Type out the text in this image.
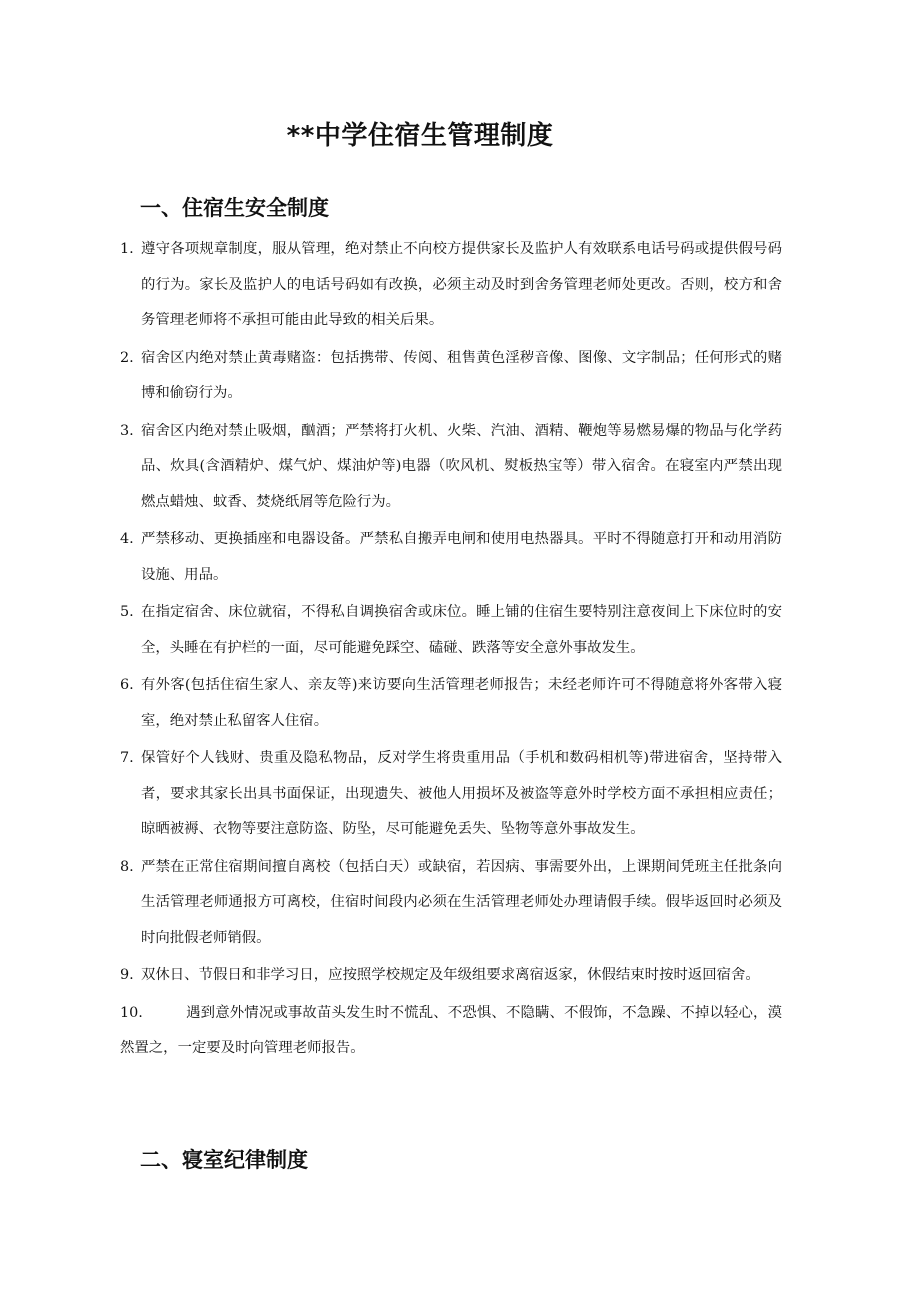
**中学住宿生管理制度
一、住宿生安全制度
1. 遵守各项规章制度，服从管理，绝对禁止不向校方提供家长及监护人有效联系电话号码或提供假号码的行为。家长及监护人的电话号码如有改换，必须主动及时到舍务管理老师处更改。否则，校方和舍务管理老师将不承担可能由此导致的相关后果。
2. 宿舍区内绝对禁止黄毒赌盗：包括携带、传阅、租售黄色淫秽音像、图像、文字制品；任何形式的赌博和偷窃行为。
3. 宿舍区内绝对禁止吸烟，酗酒；严禁将打火机、火柴、汽油、酒精、鞭炮等易燃易爆的物品与化学药品、炊具(含酒精炉、煤气炉、煤油炉等)电器（吹风机、熨板热宝等）带入宿舍。在寝室内严禁出现燃点蜡烛、蚊香、焚烧纸屑等危险行为。
4. 严禁移动、更换插座和电器设备。严禁私自搬弄电闸和使用电热器具。平时不得随意打开和动用消防设施、用品。
5. 在指定宿舍、床位就宿，不得私自调换宿舍或床位。睡上铺的住宿生要特别注意夜间上下床位时的安全，头睡在有护栏的一面，尽可能避免踩空、磕碰、跌落等安全意外事故发生。
6. 有外客(包括住宿生家人、亲友等)来访要向生活管理老师报告；未经老师许可不得随意将外客带入寝室，绝对禁止私留客人住宿。
7. 保管好个人钱财、贵重及隐私物品，反对学生将贵重用品（手机和数码相机等)带进宿舍，坚持带入者，要求其家长出具书面保证，出现遗失、被他人用损坏及被盗等意外时学校方面不承担相应责任；晾晒被褥、衣物等要注意防盗、防坠，尽可能避免丢失、坠物等意外事故发生。
8. 严禁在正常住宿期间擅自离校（包括白天）或缺宿，若因病、事需要外出，上课期间凭班主任批条向生活管理老师通报方可离校，住宿时间段内必须在生活管理老师处办理请假手续。假毕返回时必须及时向批假老师销假。
9. 双休日、节假日和非学习日，应按照学校规定及年级组要求离宿返家，休假结束时按时返回宿舍。
10.	遇到意外情况或事故苗头发生时不慌乱、不恐惧、不隐瞒、不假饰，不急躁、不掉以轻心，漠然置之，一定要及时向管理老师报告。
二、寝室纪律制度
